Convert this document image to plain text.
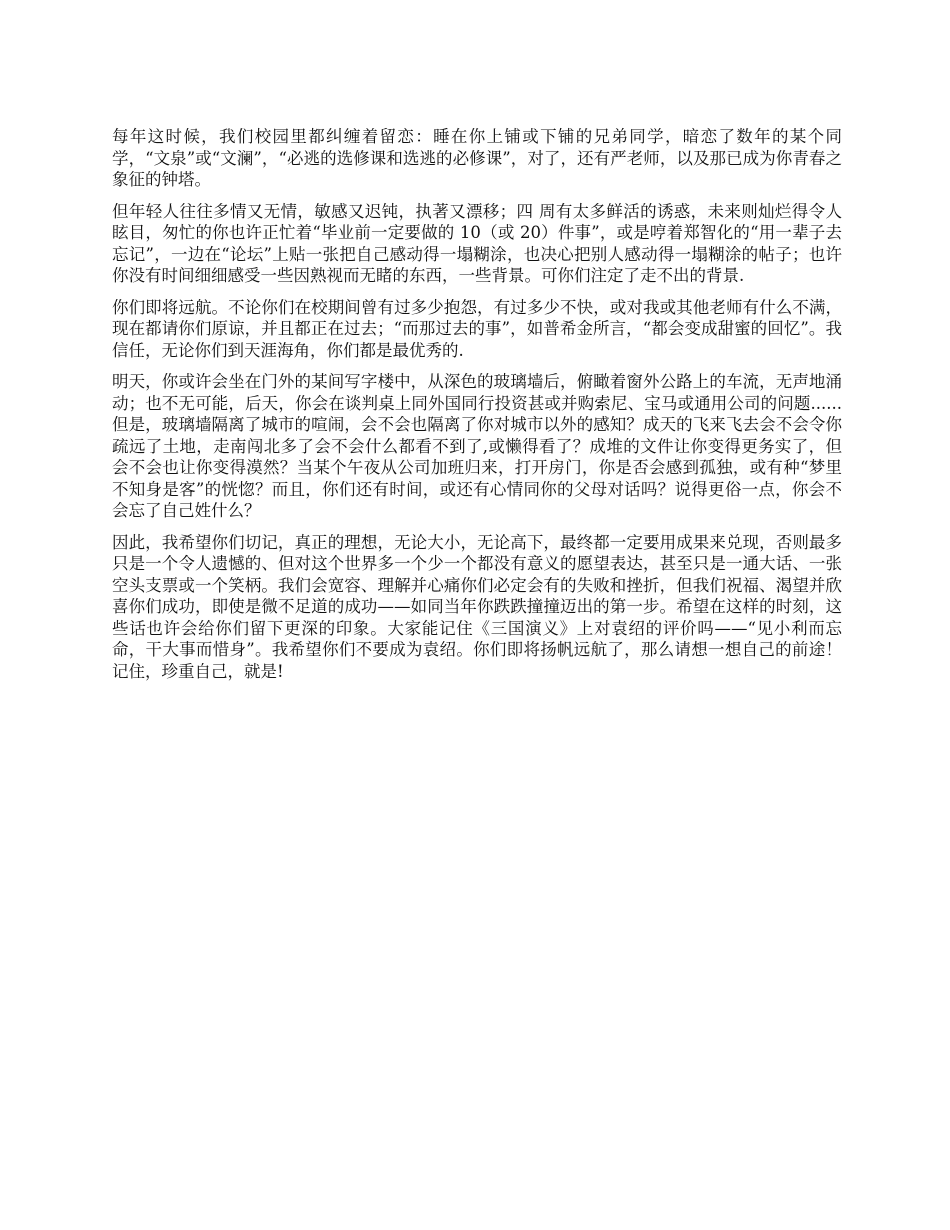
每年这时候，我们校园里都纠缠着留恋：睡在你上铺或下铺的兄弟同学，暗恋了数年的某个同学，“文泉”或“文澜”，“必逃的选修课和选逃的必修课”，对了，还有严老师，以及那已成为你青春之象征的钟塔。

但年轻人往往多情又无情，敏感又迟钝，执著又漂移；四 周有太多鲜活的诱惑，未来则灿烂得令人眩目，匆忙的你也许正忙着“毕业前一定要做的 10（或 20）件事”，或是哼着郑智化的“用一辈子去忘记”，一边在“论坛”上贴一张把自己感动得一塌糊涂，也决心把别人感动得一塌糊涂的帖子；也许你没有时间细细感受一些因熟视而无睹的东西，一些背景。可你们注定了走不出的背景.

你们即将远航。不论你们在校期间曾有过多少抱怨，有过多少不快，或对我或其他老师有什么不满，现在都请你们原谅，并且都正在过去；“而那过去的事”，如普希金所言，“都会变成甜蜜的回忆”。我信任，无论你们到天涯海角，你们都是最优秀的.

明天，你或许会坐在门外的某间写字楼中，从深色的玻璃墙后，俯瞰着窗外公路上的车流，无声地涌动；也不无可能，后天，你会在谈判桌上同外国同行投资甚或并购索尼、宝马或通用公司的问题......但是，玻璃墙隔离了城市的喧闹，会不会也隔离了你对城市以外的感知？成天的飞来飞去会不会令你疏远了土地，走南闯北多了会不会什么都看不到了,或懒得看了？成堆的文件让你变得更务实了，但会不会也让你变得漠然？当某个午夜从公司加班归来，打开房门，你是否会感到孤独，或有种“梦里不知身是客”的恍惚？而且，你们还有时间，或还有心情同你的父母对话吗？说得更俗一点，你会不会忘了自己姓什么？

因此，我希望你们切记，真正的理想，无论大小，无论高下，最终都一定要用成果来兑现，否则最多只是一个令人遗憾的、但对这个世界多一个少一个都没有意义的愿望表达，甚至只是一通大话、一张空头支票或一个笑柄。我们会宽容、理解并心痛你们必定会有的失败和挫折，但我们祝福、渴望并欣喜你们成功，即使是微不足道的成功——如同当年你跌跌撞撞迈出的第一步。希望在这样的时刻，这些话也许会给你们留下更深的印象。大家能记住《三国演义》上对袁绍的评价吗——“见小利而忘命，干大事而惜身”。我希望你们不要成为袁绍。你们即将扬帆远航了，那么请想一想自己的前途！记住，珍重自己，就是!
